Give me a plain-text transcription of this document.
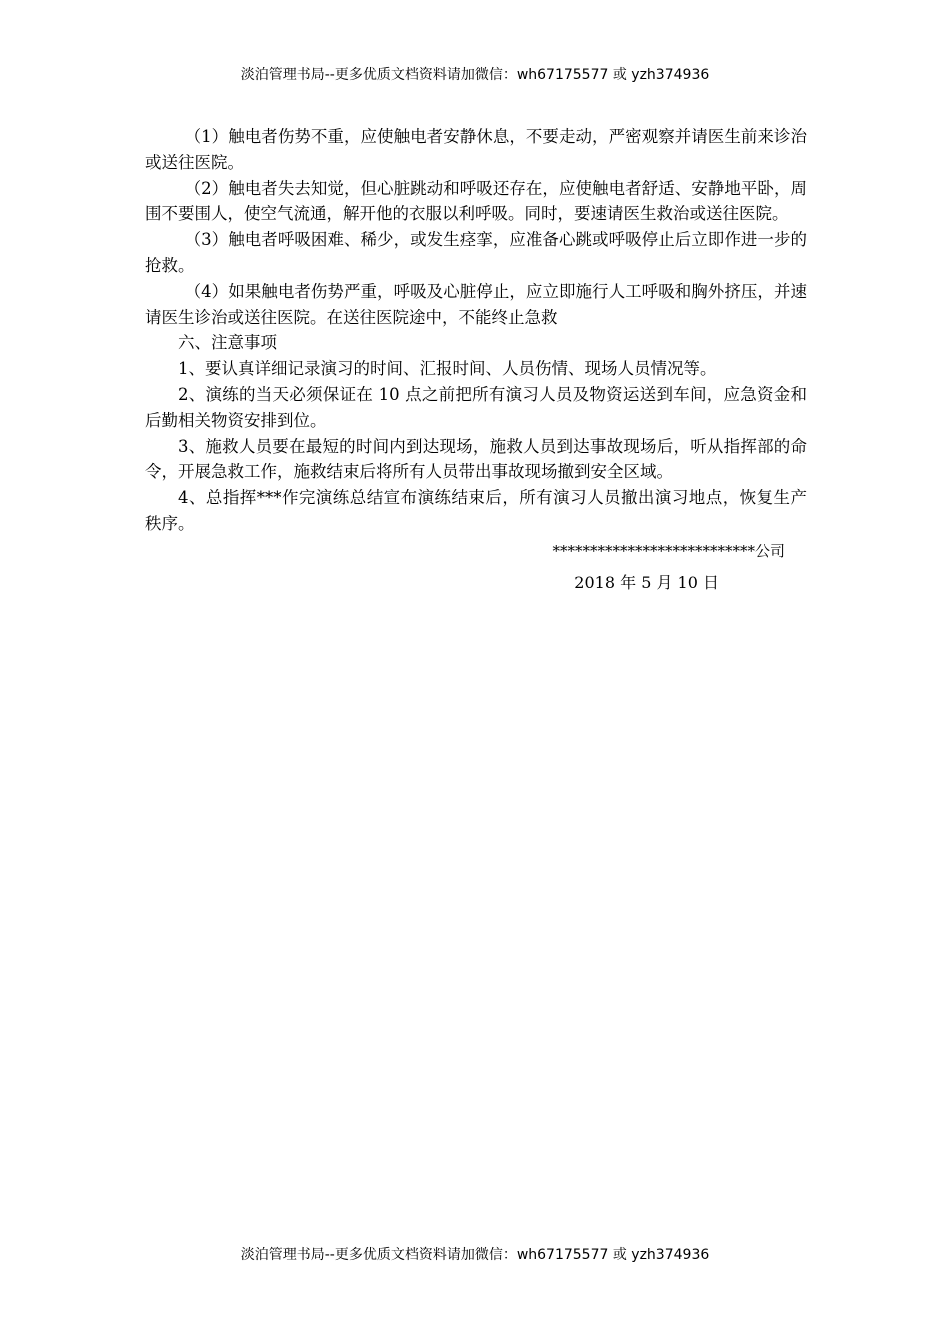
淡泊管理书局--更多优质文档资料请加微信：wh67175577 或 yzh374936

（1）触电者伤势不重，应使触电者安静休息，不要走动，严密观察并请医生前来诊治或送往医院。

（2）触电者失去知觉，但心脏跳动和呼吸还存在，应使触电者舒适、安静地平卧，周围不要围人，使空气流通，解开他的衣服以利呼吸。同时，要速请医生救治或送往医院。

（3）触电者呼吸困难、稀少，或发生痉挛，应准备心跳或呼吸停止后立即作进一步的抢救。

（4）如果触电者伤势严重，呼吸及心脏停止，应立即施行人工呼吸和胸外挤压，并速请医生诊治或送往医院。在送往医院途中，不能终止急救

六、注意事项

1、要认真详细记录演习的时间、汇报时间、人员伤情、现场人员情况等。

2、演练的当天必须保证在 10 点之前把所有演习人员及物资运送到车间，应急资金和后勤相关物资安排到位。

3、施救人员要在最短的时间内到达现场，施救人员到达事故现场后，听从指挥部的命令，开展急救工作，施救结束后将所有人员带出事故现场撤到安全区域。

4、总指挥***作完演练总结宣布演练结束后，所有演习人员撤出演习地点，恢复生产秩序。

***************************公司

2018 年 5 月 10 日

淡泊管理书局--更多优质文档资料请加微信：wh67175577 或 yzh374936
